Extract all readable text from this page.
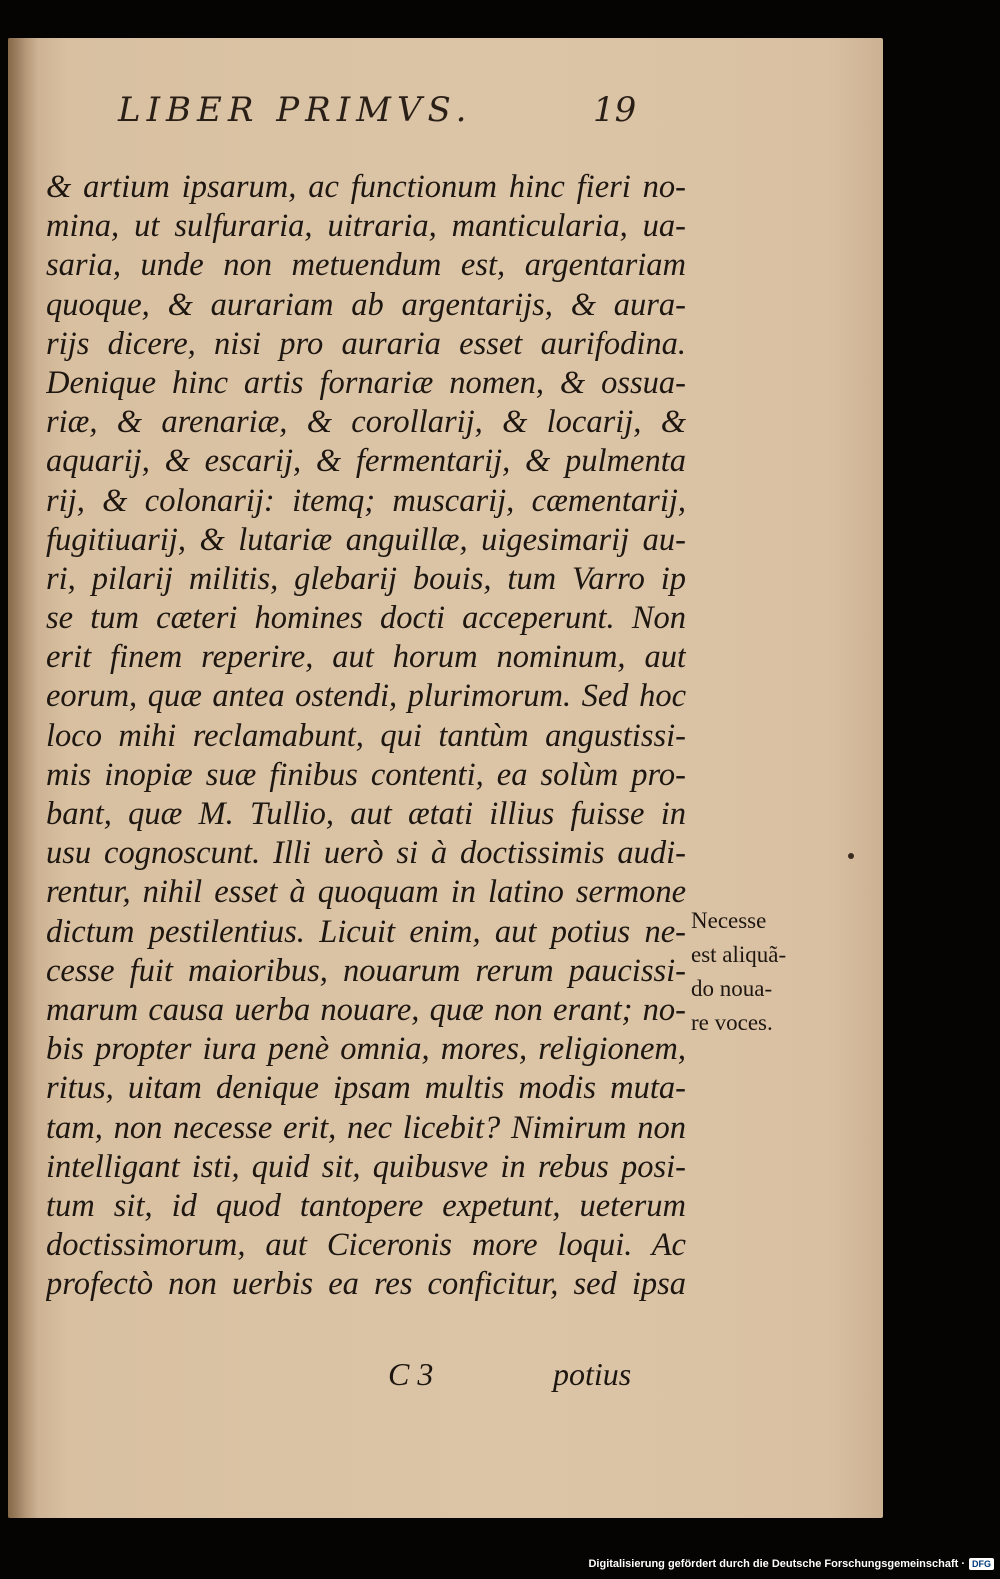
LIBER PRIMVS.	19
& artium ipsarum, ac functionum hinc fieri no-
mina, ut sulfuraria, uitraria, manticularia, ua-
saria, unde non metuendum est, argentariam
quoque, & aurariam ab argentarijs, & aura-
rijs dicere, nisi pro auraria esset aurifodina.
Denique hinc artis fornariæ nomen, & ossua-
riæ, & arenariæ, & corollarij, & locarij, &
aquarij, & escarij, & fermentarij, & pulmenta
rij, & colonarij: itemq; muscarij, cæmentarij,
fugitiuarij, & lutariæ anguillæ, uigesimarij au-
ri, pilarij militis, glebarij bouis, tum Varro ip
se tum cæteri homines docti acceperunt. Non
erit finem reperire, aut horum nominum, aut
eorum, quæ antea ostendi, plurimorum. Sed hoc
loco mihi reclamabunt, qui tantùm angustissi-
mis inopiæ suæ finibus contenti, ea solùm pro-
bant, quæ M. Tullio, aut ætati illius fuisse in
usu cognoscunt. Illi uerò si à doctissimis audi-
rentur, nihil esset à quoquam in latino sermone
dictum pestilentius. Licuit enim, aut potius ne-
cesse fuit maioribus, nouarum rerum paucissi-
marum causa uerba nouare, quæ non erant; no-
bis propter iura penè omnia, mores, religionem,
ritus, uitam denique ipsam multis modis muta-
tam, non necesse erit, nec licebit? Nimirum non
intelligant isti, quid sit, quibusve in rebus posi-
tum sit, id quod tantopere expetunt, ueterum
doctissimorum, aut Ciceronis more loqui. Ac
profectò non uerbis ea res conficitur, sed ipsa
Necesse
est aliquã-
do noua-
re voces.
C 3	potius
Digitalisierung gefördert durch die Deutsche Forschungsgemeinschaft · DFG
